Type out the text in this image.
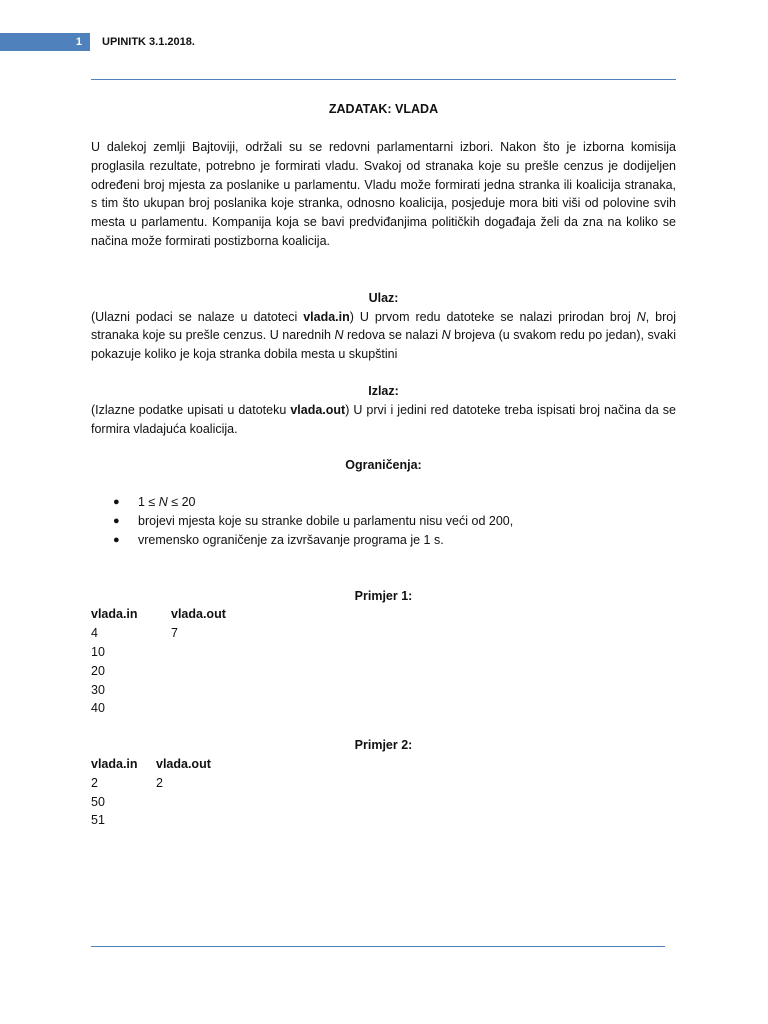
1	UPINITK 3.1.2018.

ZADATAK: VLADA

U dalekoj zemlji Bajtoviji, održali su se redovni parlamentarni izbori. Nakon što je izborna komisija proglasila rezultate, potrebno je formirati vladu. Svakoj od stranaka koje su prešle cenzus je dodijeljen određeni broj mjesta za poslanike u parlamentu. Vladu može formirati jedna stranka ili koalicija stranaka, s tim što ukupan broj poslanika koje stranka, odnosno koalicija, posjeduje mora biti viši od polovine svih mesta u parlamentu. Kompanija koja se bavi predviđanjima političkih događaja želi da zna na koliko se načina može formirati postizborna koalicija.

Ulaz:

(Ulazni podaci se nalaze u datoteci vlada.in) U prvom redu datoteke se nalazi prirodan broj N, broj stranaka koje su prešle cenzus. U narednih N redova se nalazi N brojeva (u svakom redu po jedan), svaki pokazuje koliko je koja stranka dobila mesta u skupštini

Izlaz:

(Izlazne podatke upisati u datoteku vlada.out) U prvi i jedini red datoteke treba ispisati broj načina da se formira vladajuća koalicija.

Ograničenja:

● 1 ≤ N ≤ 20
● brojevi mjesta koje su stranke dobile u parlamentu nisu veći od 200,
● vremensko ograničenje za izvršavanje programa je 1 s.

Primjer 1:

vlada.in	vlada.out
4	7
10
20
30
40

Primjer 2:

vlada.in	vlada.out
2	2
50
51
